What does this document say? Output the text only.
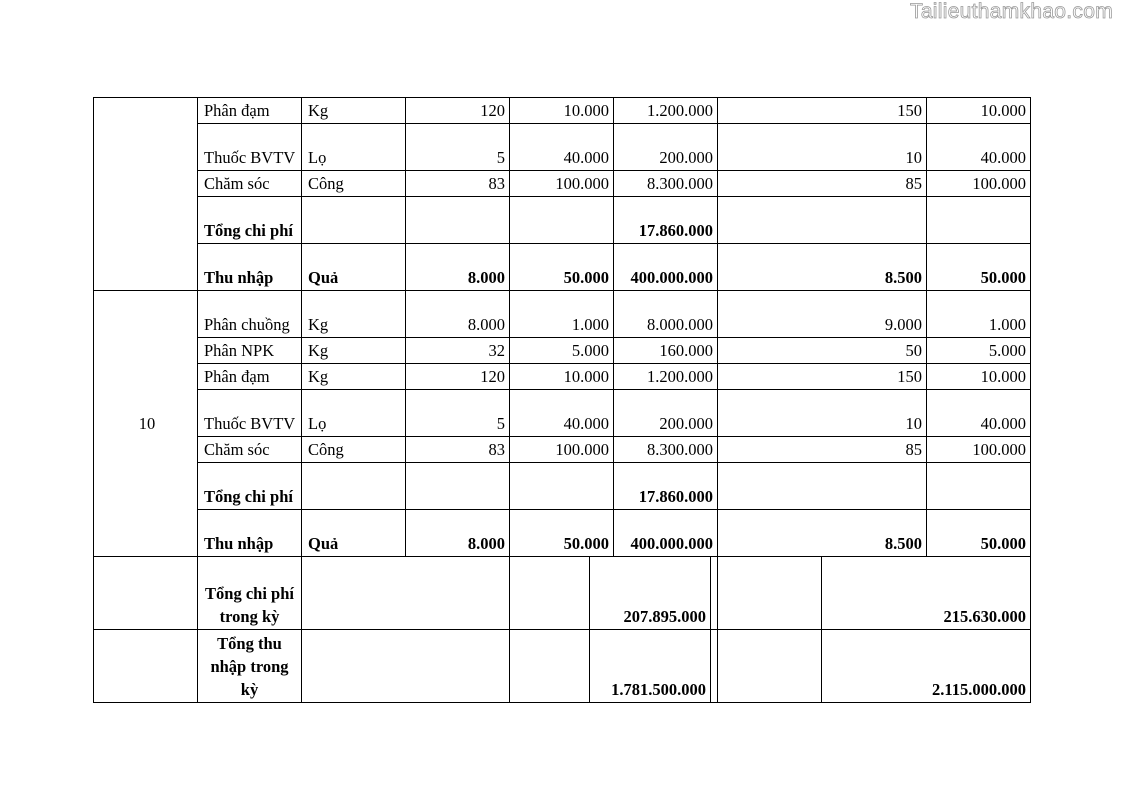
Tailieuthamkhao.com
	Phân đạm	Kg	120	10.000		1.200.000		150		10.000	
	Thuốc BVTV	Lọ	5	40.000		200.000		10		40.000	
	Chăm sóc	Công	83	100.000		8.300.000		85		100.000	
	Tổng chi phí					17.860.000			
	Thu nhập	Quả	8.000	50.000		400.000.000		8.500		50.000	
10	Phân chuồng	Kg	8.000	1.000		8.000.000		9.000		1.000	
	Phân NPK	Kg	32	5.000		160.000		50		5.000	
	Phân đạm	Kg	120	10.000		1.200.000		150		10.000	
	Thuốc BVTV	Lọ	5	40.000		200.000		10		40.000	
	Chăm sóc	Công	83	100.000		8.300.000		85		100.000	
	Tổng chi phí					17.860.000			
	Thu nhập	Quả	8.000	50.000		400.000.000		8.500		50.000	
	Tổng chi phí trong kỳ				207.895.000				215.630.000		
	Tổng thu nhập trong kỳ				1.781.500.000				2.115.000.000		
